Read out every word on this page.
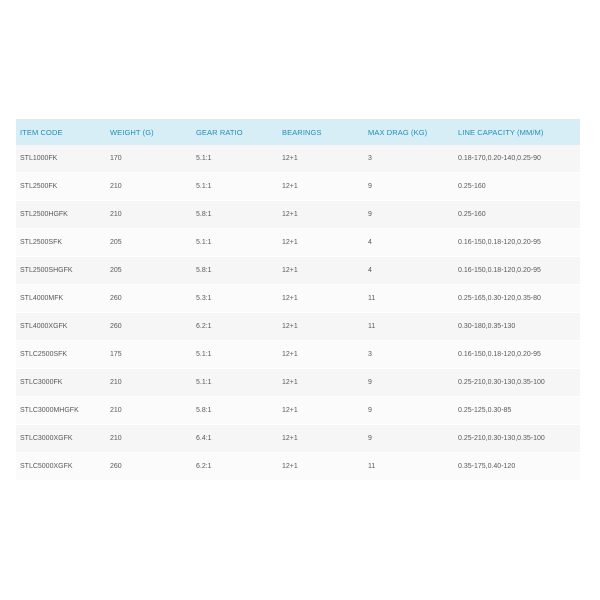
ITEM CODE	WEIGHT (G)	GEAR RATIO	BEARINGS	MAX DRAG (KG)	LINE CAPACITY (MM/M)
STL1000FK	170	5.1:1	12+1	3	0.18-170,0.20-140,0.25-90
STL2500FK	210	5.1:1	12+1	9	0.25-160
STL2500HGFK	210	5.8:1	12+1	9	0.25-160
STL2500SFK	205	5.1:1	12+1	4	0.16-150,0.18-120,0.20-95
STL2500SHGFK	205	5.8:1	12+1	4	0.16-150,0.18-120,0.20-95
STL4000MFK	260	5.3:1	12+1	11	0.25-165,0.30-120,0.35-80
STL4000XGFK	260	6.2:1	12+1	11	0.30-180,0.35-130
STLC2500SFK	175	5.1:1	12+1	3	0.16-150,0.18-120,0.20-95
STLC3000FK	210	5.1:1	12+1	9	0.25-210,0.30-130,0.35-100
STLC3000MHGFK	210	5.8:1	12+1	9	0.25-125,0.30-85
STLC3000XGFK	210	6.4:1	12+1	9	0.25-210,0.30-130,0.35-100
STLC5000XGFK	260	6.2:1	12+1	11	0.35-175,0.40-120
